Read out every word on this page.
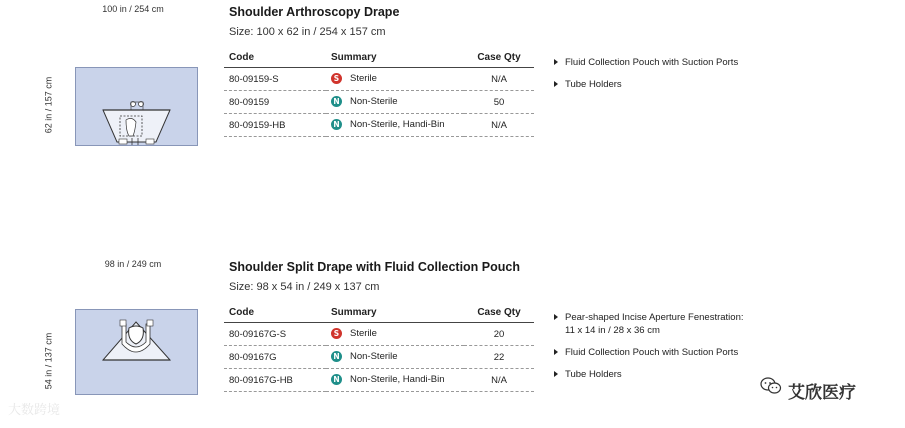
100 in / 254 cm
62 in / 157 cm
Shoulder Arthroscopy Drape
Size: 100 x 62 in / 254 x 157 cm
Code	Summary	Case Qty
80-09159-S	S Sterile	N/A
80-09159	N Non-Sterile	50
80-09159-HB	N Non-Sterile, Handi-Bin	N/A
Fluid Collection Pouch with Suction Ports
Tube Holders
98 in / 249 cm
54 in / 137 cm
Shoulder Split Drape with Fluid Collection Pouch
Size: 98 x 54 in / 249 x 137 cm
Code	Summary	Case Qty
80-09167G-S	S Sterile	20
80-09167G	N Non-Sterile	22
80-09167G-HB	N Non-Sterile, Handi-Bin	N/A
Pear-shaped Incise Aperture Fenestration:
11 x 14 in / 28 x 36 cm
Fluid Collection Pouch with Suction Ports
Tube Holders
大数跨境
艾欣医疗
